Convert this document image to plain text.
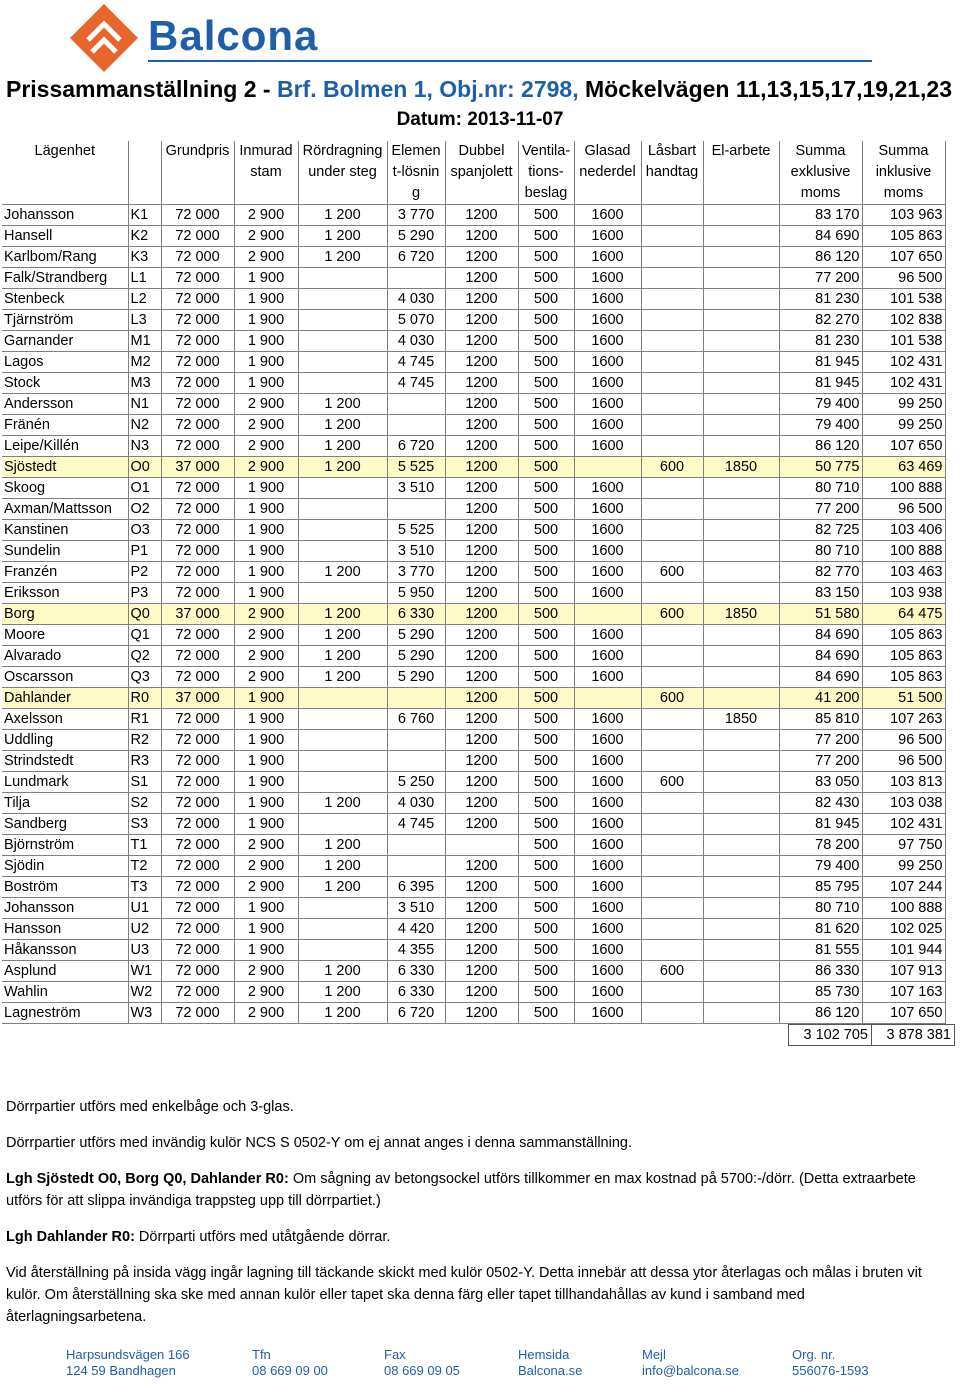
Balcona
Prissammanställning 2 - Brf. Bolmen 1, Obj.nr: 2798, Möckelvägen 11,13,15,17,19,21,23
Datum: 2013-11-07
Lägenhet		Grundpris	Inmurad stam	Rördragning under steg	Element-lösning	Dubbel spanjolett	Ventila- tions- beslag	Glasad nederdel	Låsbart handtag	El-arbete	Summa exklusive moms	Summa inklusive moms
Johansson	K1	72 000	2 900	1 200	3 770	1200	500	1600			83 170	103 963
Hansell	K2	72 000	2 900	1 200	5 290	1200	500	1600			84 690	105 863
Karlbom/Rang	K3	72 000	2 900	1 200	6 720	1200	500	1600			86 120	107 650
Falk/Strandberg	L1	72 000	1 900			1200	500	1600			77 200	96 500
Stenbeck	L2	72 000	1 900		4 030	1200	500	1600			81 230	101 538
Tjärnström	L3	72 000	1 900		5 070	1200	500	1600			82 270	102 838
Garnander	M1	72 000	1 900		4 030	1200	500	1600			81 230	101 538
Lagos	M2	72 000	1 900		4 745	1200	500	1600			81 945	102 431
Stock	M3	72 000	1 900		4 745	1200	500	1600			81 945	102 431
Andersson	N1	72 000	2 900	1 200		1200	500	1600			79 400	99 250
Fränén	N2	72 000	2 900	1 200		1200	500	1600			79 400	99 250
Leipe/Killén	N3	72 000	2 900	1 200	6 720	1200	500	1600			86 120	107 650
Sjöstedt	O0	37 000	2 900	1 200	5 525	1200	500		600	1850	50 775	63 469
Skoog	O1	72 000	1 900		3 510	1200	500	1600			80 710	100 888
Axman/Mattsson	O2	72 000	1 900			1200	500	1600			77 200	96 500
Kanstinen	O3	72 000	1 900		5 525	1200	500	1600			82 725	103 406
Sundelin	P1	72 000	1 900		3 510	1200	500	1600			80 710	100 888
Franzén	P2	72 000	1 900	1 200	3 770	1200	500	1600	600		82 770	103 463
Eriksson	P3	72 000	1 900		5 950	1200	500	1600			83 150	103 938
Borg	Q0	37 000	2 900	1 200	6 330	1200	500		600	1850	51 580	64 475
Moore	Q1	72 000	2 900	1 200	5 290	1200	500	1600			84 690	105 863
Alvarado	Q2	72 000	2 900	1 200	5 290	1200	500	1600			84 690	105 863
Oscarsson	Q3	72 000	2 900	1 200	5 290	1200	500	1600			84 690	105 863
Dahlander	R0	37 000	1 900			1200	500		600		41 200	51 500
Axelsson	R1	72 000	1 900		6 760	1200	500	1600		1850	85 810	107 263
Uddling	R2	72 000	1 900			1200	500	1600			77 200	96 500
Strindstedt	R3	72 000	1 900			1200	500	1600			77 200	96 500
Lundmark	S1	72 000	1 900		5 250	1200	500	1600	600		83 050	103 813
Tilja	S2	72 000	1 900	1 200	4 030	1200	500	1600			82 430	103 038
Sandberg	S3	72 000	1 900		4 745	1200	500	1600			81 945	102 431
Björnström	T1	72 000	2 900	1 200			500	1600			78 200	97 750
Sjödin	T2	72 000	2 900	1 200		1200	500	1600			79 400	99 250
Boström	T3	72 000	2 900	1 200	6 395	1200	500	1600			85 795	107 244
Johansson	U1	72 000	1 900		3 510	1200	500	1600			80 710	100 888
Hansson	U2	72 000	1 900		4 420	1200	500	1600			81 620	102 025
Håkansson	U3	72 000	1 900		4 355	1200	500	1600			81 555	101 944
Asplund	W1	72 000	2 900	1 200	6 330	1200	500	1600	600		86 330	107 913
Wahlin	W2	72 000	2 900	1 200	6 330	1200	500	1600			85 730	107 163
Lagneström	W3	72 000	2 900	1 200	6 720	1200	500	1600			86 120	107 650
3 102 705	3 878 381

Dörrpartier utförs med enkelbåge och 3-glas.

Dörrpartier utförs med invändig kulör NCS S 0502-Y om ej annat anges i denna sammanställning.

Lgh Sjöstedt O0, Borg Q0, Dahlander R0: Om sågning av betongsockel utförs tillkommer en max kostnad på 5700:-/dörr. (Detta extraarbete utförs för att slippa invändiga trappsteg upp till dörrpartiet.)

Lgh Dahlander R0: Dörrparti utförs med utåtgående dörrar.

Vid återställning på insida vägg ingår lagning till täckande skickt med kulör 0502-Y. Detta innebär att dessa ytor återlagas och målas i bruten vit kulör. Om återställning ska ske med annan kulör eller tapet ska denna färg eller tapet tillhandahållas av kund i samband med återlagningsarbetena.

Harpsundsvägen 166
124 59 Bandhagen
Tfn
08 669 09 00
Fax
08 669 09 05
Hemsida
Balcona.se
Mejl
info@balcona.se
Org. nr.
556076-1593
